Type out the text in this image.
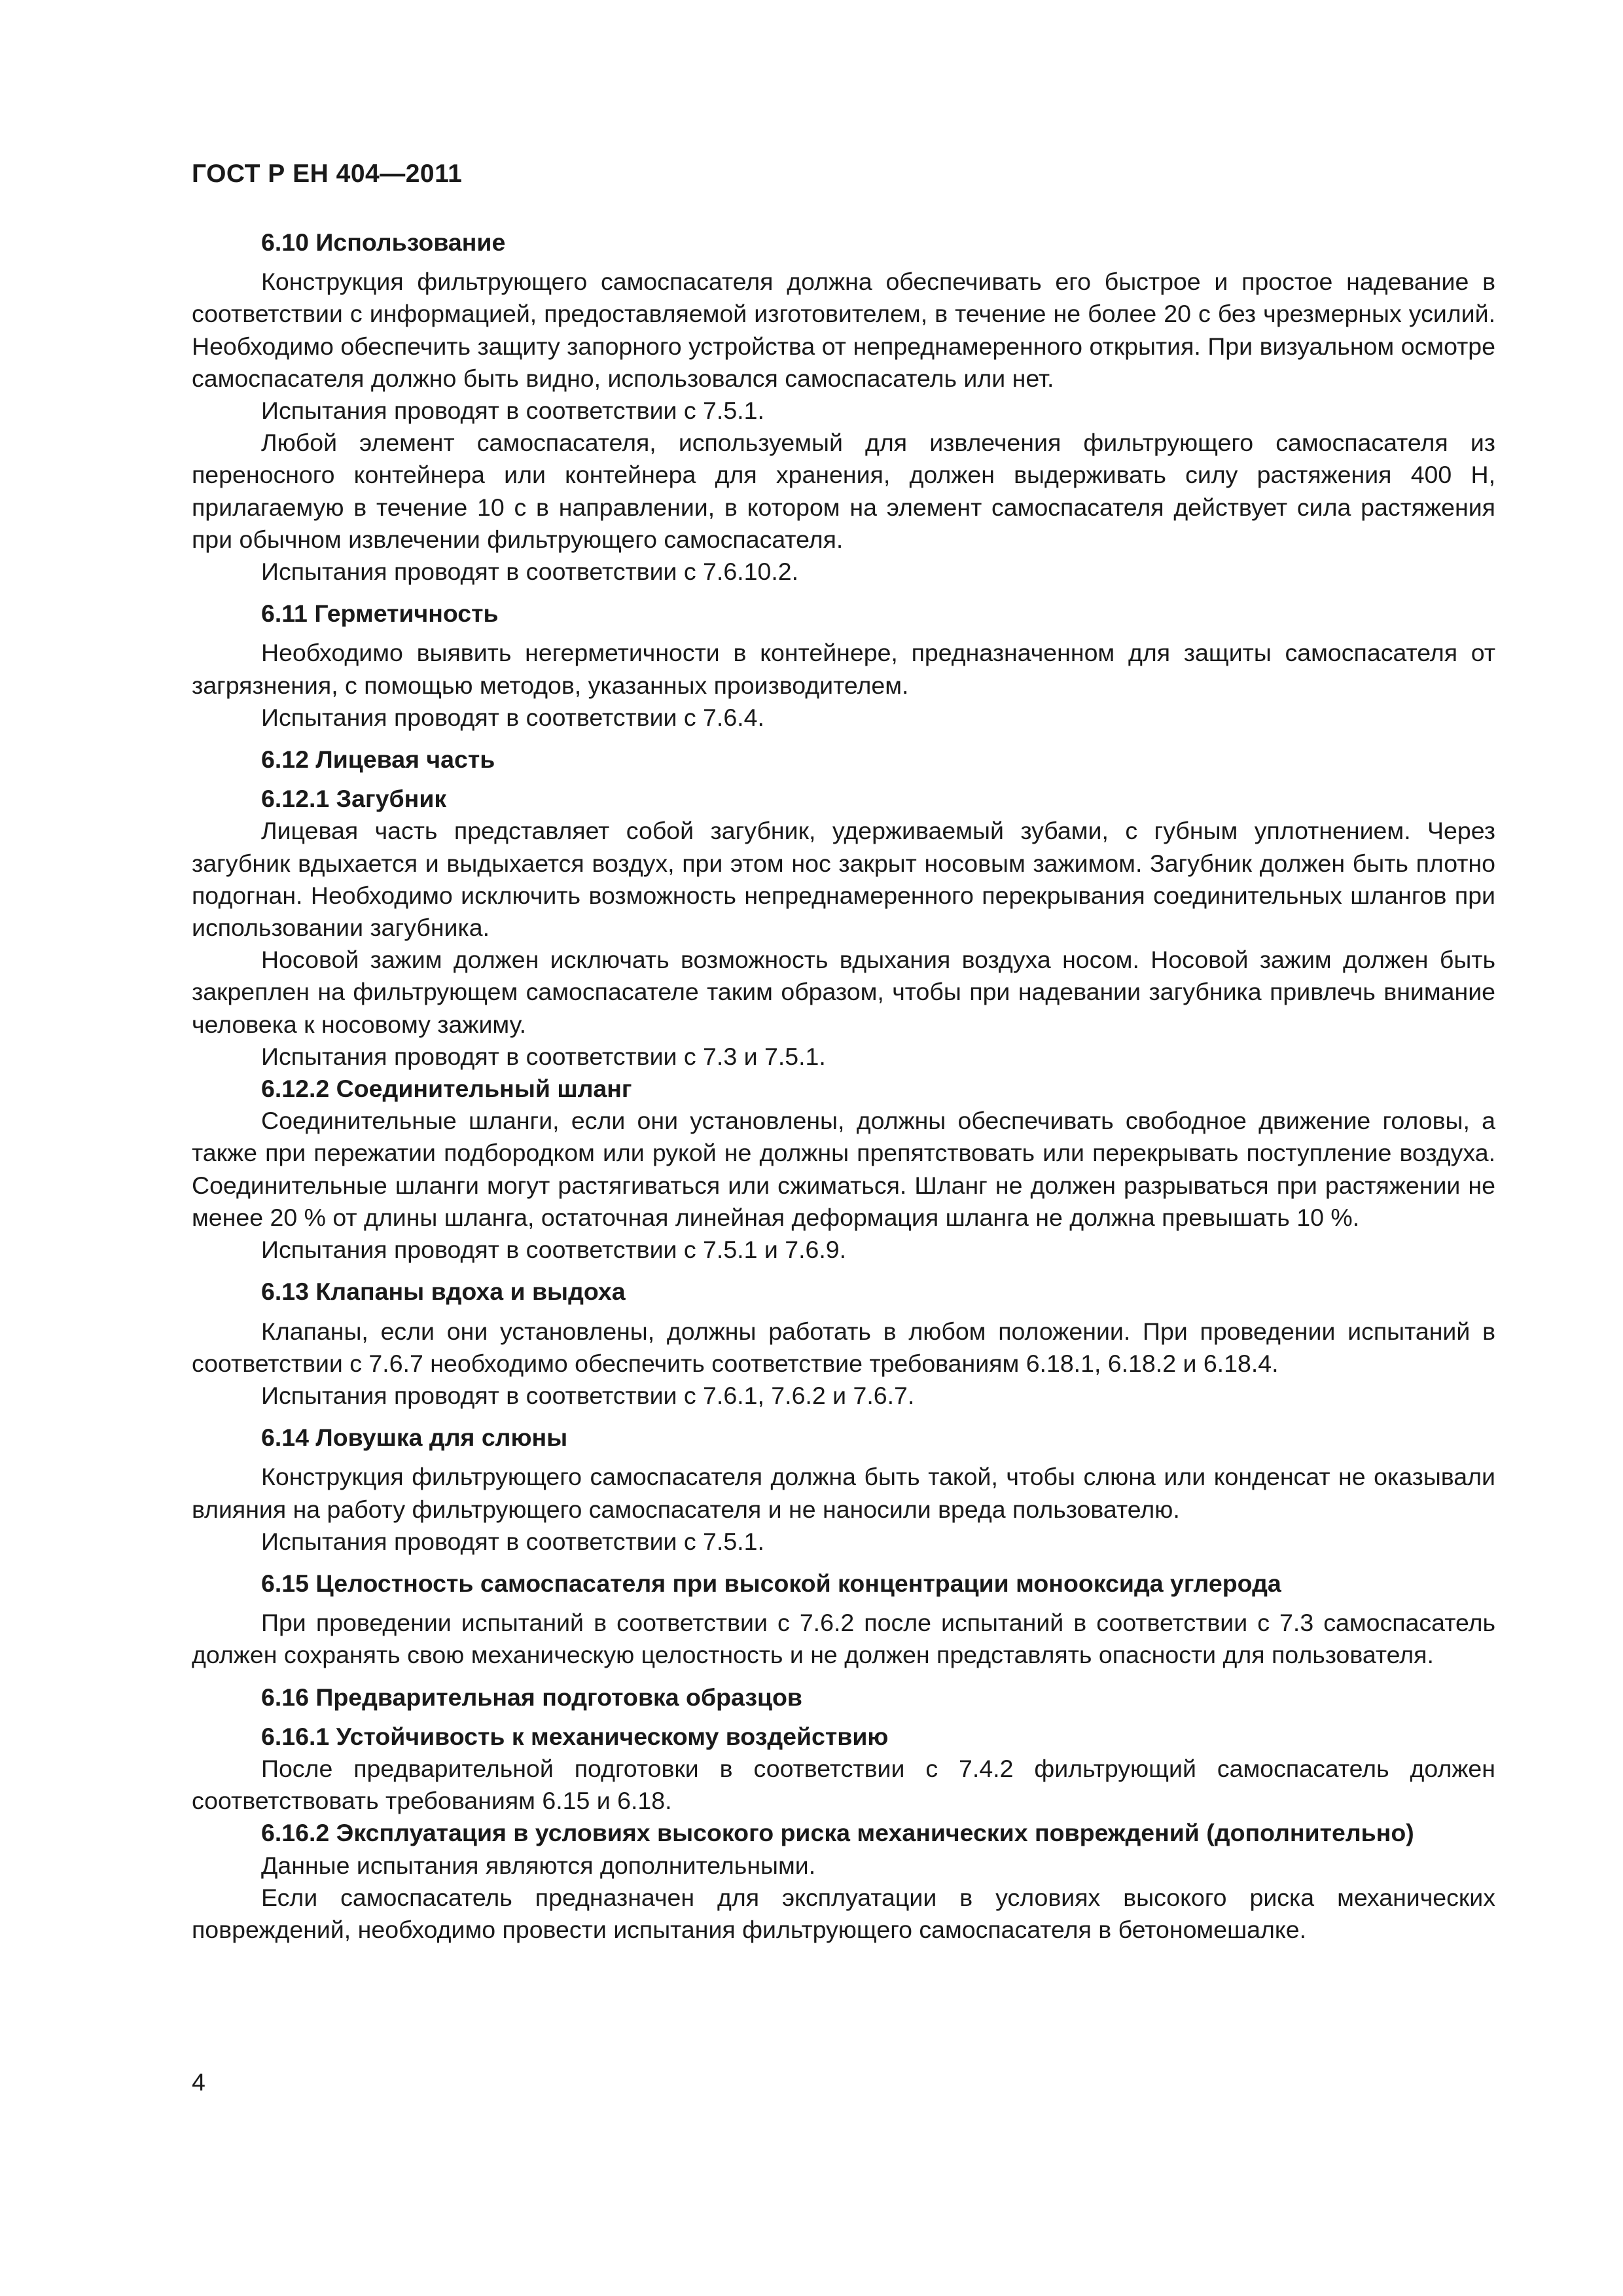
ГОСТ Р ЕН 404—2011
6.10 Использование

Конструкция фильтрующего самоспасателя должна обеспечивать его быстрое и простое надевание в соответствии с информацией, предоставляемой изготовителем, в течение не более 20 с без чрезмерных усилий. Необходимо обеспечить защиту запорного устройства от непреднамеренного открытия. При визуальном осмотре самоспасателя должно быть видно, использовался самоспасатель или нет.

Испытания проводят в соответствии с 7.5.1.

Любой элемент самоспасателя, используемый для извлечения фильтрующего самоспасателя из переносного контейнера или контейнера для хранения, должен выдерживать силу растяжения 400 Н, прилагаемую в течение 10 с в направлении, в котором на элемент самоспасателя действует сила растяжения при обычном извлечении фильтрующего самоспасателя.

Испытания проводят в соответствии с 7.6.10.2.

6.11 Герметичность

Необходимо выявить негерметичности в контейнере, предназначенном для защиты самоспасателя от загрязнения, с помощью методов, указанных производителем.

Испытания проводят в соответствии с 7.6.4.

6.12 Лицевая часть
6.12.1 Загубник

Лицевая часть представляет собой загубник, удерживаемый зубами, с губным уплотнением. Через загубник вдыхается и выдыхается воздух, при этом нос закрыт носовым зажимом. Загубник должен быть плотно подогнан. Необходимо исключить возможность непреднамеренного перекрывания соединительных шлангов при использовании загубника.

Носовой зажим должен исключать возможность вдыхания воздуха носом. Носовой зажим должен быть закреплен на фильтрующем самоспасателе таким образом, чтобы при надевании загубника привлечь внимание человека к носовому зажиму.

Испытания проводят в соответствии с 7.3 и 7.5.1.

6.12.2 Соединительный шланг

Соединительные шланги, если они установлены, должны обеспечивать свободное движение головы, а также при пережатии подбородком или рукой не должны препятствовать или перекрывать поступление воздуха. Соединительные шланги могут растягиваться или сжиматься. Шланг не должен разрываться при растяжении не менее 20 % от длины шланга, остаточная линейная деформация шланга не должна превышать 10 %.

Испытания проводят в соответствии с 7.5.1 и 7.6.9.

6.13 Клапаны вдоха и выдоха

Клапаны, если они установлены, должны работать в любом положении. При проведении испытаний в соответствии с 7.6.7 необходимо обеспечить соответствие требованиям 6.18.1, 6.18.2 и 6.18.4.

Испытания проводят в соответствии с 7.6.1, 7.6.2 и 7.6.7.

6.14 Ловушка для слюны

Конструкция фильтрующего самоспасателя должна быть такой, чтобы слюна или конденсат не оказывали влияния на работу фильтрующего самоспасателя и не наносили вреда пользователю.

Испытания проводят в соответствии с 7.5.1.

6.15 Целостность самоспасателя при высокой концентрации монооксида углерода

При проведении испытаний в соответствии с 7.6.2 после испытаний в соответствии с 7.3 самоспасатель должен сохранять свою механическую целостность и не должен представлять опасности для пользователя.

6.16 Предварительная подготовка образцов
6.16.1 Устойчивость к механическому воздействию

После предварительной подготовки в соответствии с 7.4.2 фильтрующий самоспасатель должен соответствовать требованиям 6.15 и 6.18.

6.16.2 Эксплуатация в условиях высокого риска механических повреждений (дополнительно)

Данные испытания являются дополнительными.

Если самоспасатель предназначен для эксплуатации в условиях высокого риска механических повреждений, необходимо провести испытания фильтрующего самоспасателя в бетономешалке.

4
